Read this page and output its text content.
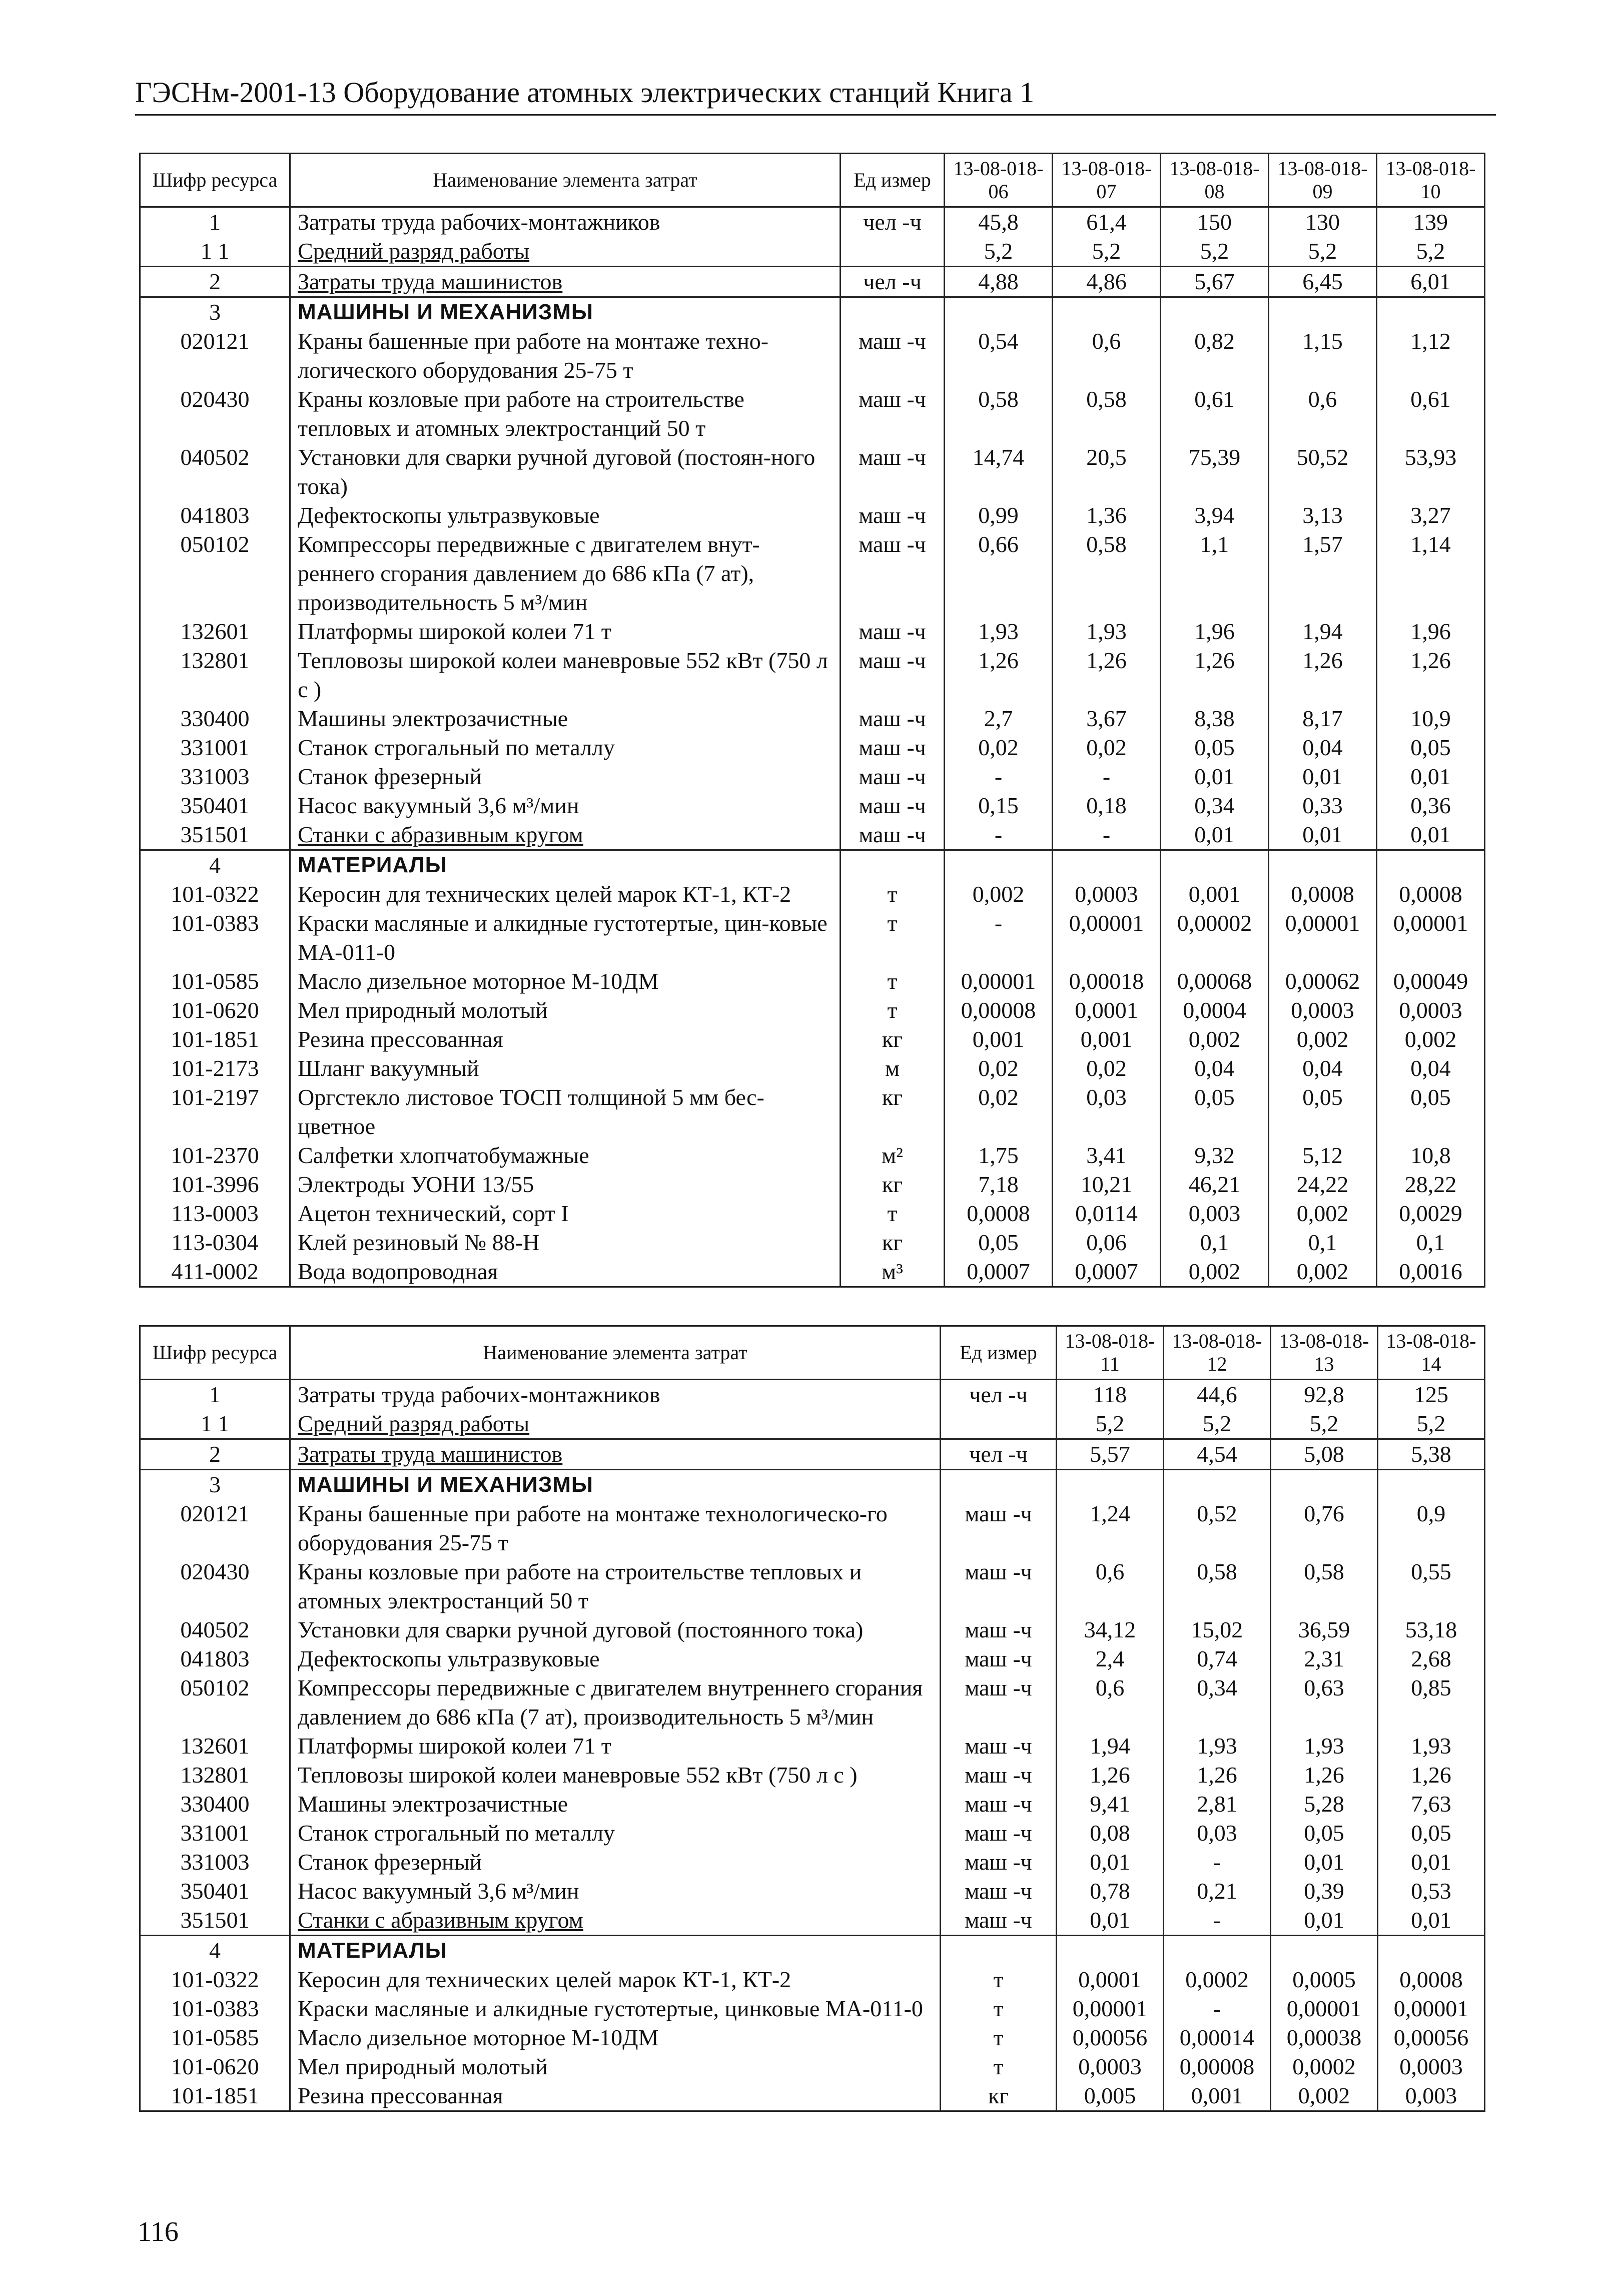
ГЭСНм-2001-13 Оборудование атомных электрических станций Книга 1
Шифр ресурса	Наименование элемента затрат	Ед измер	13-08-018-06	13-08-018-07	13-08-018-08	13-08-018-09	13-08-018-10
1	Затраты труда рабочих-монтажников	чел -ч	45,8	61,4	150	130	139
1 1	Средний разряд работы		5,2	5,2	5,2	5,2	5,2
2	Затраты труда машинистов	чел -ч	4,88	4,86	5,67	6,45	6,01
3	МАШИНЫ И МЕХАНИЗМЫ						
020121	Краны башенные при работе на монтаже техно-логического оборудования 25-75 т	маш -ч	0,54	0,6	0,82	1,15	1,12
020430	Краны козловые при работе на строительстве тепловых и атомных электростанций 50 т	маш -ч	0,58	0,58	0,61	0,6	0,61
040502	Установки для сварки ручной дуговой (постоян-ного тока)	маш -ч	14,74	20,5	75,39	50,52	53,93
041803	Дефектоскопы ультразвуковые	маш -ч	0,99	1,36	3,94	3,13	3,27
050102	Компрессоры передвижные с двигателем внут-реннего сгорания давлением до 686 кПа (7 ат), производительность 5 м³/мин	маш -ч	0,66	0,58	1,1	1,57	1,14
132601	Платформы широкой колеи 71 т	маш -ч	1,93	1,93	1,96	1,94	1,96
132801	Тепловозы широкой колеи маневровые 552 кВт (750 л с )	маш -ч	1,26	1,26	1,26	1,26	1,26
330400	Машины электрозачистные	маш -ч	2,7	3,67	8,38	8,17	10,9
331001	Станок строгальный по металлу	маш -ч	0,02	0,02	0,05	0,04	0,05
331003	Станок фрезерный	маш -ч	-	-	0,01	0,01	0,01
350401	Насос вакуумный 3,6 м³/мин	маш -ч	0,15	0,18	0,34	0,33	0,36
351501	Станки с абразивным кругом	маш -ч	-	-	0,01	0,01	0,01
4	МАТЕРИАЛЫ						
101-0322	Керосин для технических целей марок КТ-1, КТ-2	т	0,002	0,0003	0,001	0,0008	0,0008
101-0383	Краски масляные и алкидные густотертые, цин-ковые МА-011-0	т	-	0,00001	0,00002	0,00001	0,00001
101-0585	Масло дизельное моторное М-10ДМ	т	0,00001	0,00018	0,00068	0,00062	0,00049
101-0620	Мел природный молотый	т	0,00008	0,0001	0,0004	0,0003	0,0003
101-1851	Резина прессованная	кг	0,001	0,001	0,002	0,002	0,002
101-2173	Шланг вакуумный	м	0,02	0,02	0,04	0,04	0,04
101-2197	Оргстекло листовое ТОСП толщиной 5 мм бес-цветное	кг	0,02	0,03	0,05	0,05	0,05
101-2370	Салфетки хлопчатобумажные	м²	1,75	3,41	9,32	5,12	10,8
101-3996	Электроды УОНИ 13/55	кг	7,18	10,21	46,21	24,22	28,22
113-0003	Ацетон технический, сорт I	т	0,0008	0,0114	0,003	0,002	0,0029
113-0304	Клей резиновый № 88-Н	кг	0,05	0,06	0,1	0,1	0,1
411-0002	Вода водопроводная	м³	0,0007	0,0007	0,002	0,002	0,0016
Шифр ресурса	Наименование элемента затрат	Ед измер	13-08-018-11	13-08-018-12	13-08-018-13	13-08-018-14
1	Затраты труда рабочих-монтажников	чел -ч	118	44,6	92,8	125
1 1	Средний разряд работы		5,2	5,2	5,2	5,2
2	Затраты труда машинистов	чел -ч	5,57	4,54	5,08	5,38
3	МАШИНЫ И МЕХАНИЗМЫ					
020121	Краны башенные при работе на монтаже технологическо-го оборудования 25-75 т	маш -ч	1,24	0,52	0,76	0,9
020430	Краны козловые при работе на строительстве тепловых и атомных электростанций 50 т	маш -ч	0,6	0,58	0,58	0,55
040502	Установки для сварки ручной дуговой (постоянного тока)	маш -ч	34,12	15,02	36,59	53,18
041803	Дефектоскопы ультразвуковые	маш -ч	2,4	0,74	2,31	2,68
050102	Компрессоры передвижные с двигателем внутреннего сгорания давлением до 686 кПа (7 ат), производительность 5 м³/мин	маш -ч	0,6	0,34	0,63	0,85
132601	Платформы широкой колеи 71 т	маш -ч	1,94	1,93	1,93	1,93
132801	Тепловозы широкой колеи маневровые 552 кВт (750 л с )	маш -ч	1,26	1,26	1,26	1,26
330400	Машины электрозачистные	маш -ч	9,41	2,81	5,28	7,63
331001	Станок строгальный по металлу	маш -ч	0,08	0,03	0,05	0,05
331003	Станок фрезерный	маш -ч	0,01	-	0,01	0,01
350401	Насос вакуумный 3,6 м³/мин	маш -ч	0,78	0,21	0,39	0,53
351501	Станки с абразивным кругом	маш -ч	0,01	-	0,01	0,01
4	МАТЕРИАЛЫ					
101-0322	Керосин для технических целей марок КТ-1, КТ-2	т	0,0001	0,0002	0,0005	0,0008
101-0383	Краски масляные и алкидные густотертые, цинковые МА-011-0	т	0,00001	-	0,00001	0,00001
101-0585	Масло дизельное моторное М-10ДМ	т	0,00056	0,00014	0,00038	0,00056
101-0620	Мел природный молотый	т	0,0003	0,00008	0,0002	0,0003
101-1851	Резина прессованная	кг	0,005	0,001	0,002	0,003
116
